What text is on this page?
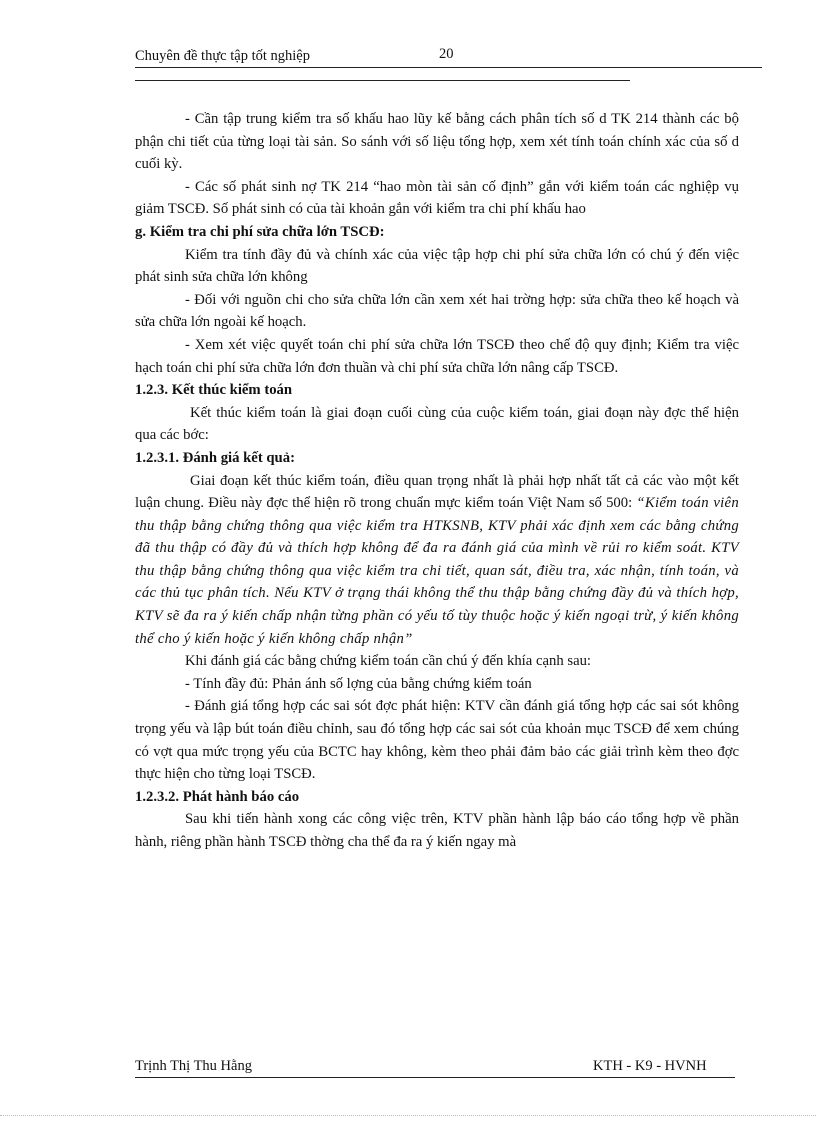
Chuyên đề thực tập tốt nghiệp	20

- Cần tập trung kiểm tra số khấu hao lũy kế bằng cách phân tích số d TK 214 thành các bộ phận chi tiết của từng loại tài sản. So sánh với số liệu tổng hợp, xem xét tính toán chính xác của số d cuối kỳ.

- Các số phát sinh nợ TK 214 “hao mòn tài sản cố định” gắn với kiểm toán các nghiệp vụ giảm TSCĐ. Số phát sinh có của tài khoản gắn với kiểm tra chi phí khấu hao

g. Kiểm tra chi phí sửa chữa lớn TSCĐ:

Kiểm tra tính đầy đủ và chính xác của việc tập hợp chi phí sửa chữa lớn có chú ý đến việc phát sinh sửa chữa lớn không

- Đối với nguồn chi cho sửa chữa lớn cần xem xét hai trờng hợp: sửa chữa theo kế hoạch và sửa chữa lớn ngoài kế hoạch.

- Xem xét việc quyết toán chi phí sửa chữa lớn TSCĐ theo chế độ quy định; Kiểm tra việc hạch toán chi phí sửa chữa lớn đơn thuần và chi phí sửa chữa lớn nâng cấp TSCĐ.

1.2.3. Kết thúc kiểm toán

Kết thúc kiểm toán là giai đoạn cuối cùng của cuộc kiểm toán, giai đoạn này đợc thể hiện qua các bớc:

1.2.3.1. Đánh giá kết quả:

Giai đoạn kết thúc kiểm toán, điều quan trọng nhất là phải hợp nhất tất cả các vào một kết luận chung. Điều này đợc thể hiện rõ trong chuẩn mực kiểm toán Việt Nam số 500: “Kiểm toán viên thu thập bằng chứng thông qua việc kiểm tra HTKSNB, KTV phải xác định xem các bằng chứng đã thu thập có đầy đủ và thích hợp không để đa ra đánh giá của mình về rủi ro kiểm soát. KTV thu thập bằng chứng thông qua việc kiểm tra chi tiết, quan sát, điều tra, xác nhận, tính toán, và các thủ tục phân tích. Nếu KTV ở trạng thái không thể thu thập bằng chứng đầy đủ và thích hợp, KTV sẽ đa ra ý kiến chấp nhận từng phần có yếu tố tùy thuộc hoặc ý kiến ngoại trừ, ý kiến không thể cho ý kiến hoặc ý kiến không chấp nhận”

Khi đánh giá các bằng chứng kiểm toán cần chú ý đến khía cạnh sau:

- Tính đầy đủ: Phản ánh số lợng của bằng chứng kiểm toán

- Đánh giá tổng hợp các sai sót đợc phát hiện: KTV cần đánh giá tổng hợp các sai sót không trọng yếu và lập bút toán điều chỉnh, sau đó tổng hợp các sai sót của khoản mục TSCĐ để xem chúng có vợt qua mức trọng yếu của BCTC hay không, kèm theo phải đảm bảo các giải trình kèm theo đợc thực hiện cho từng loại TSCĐ.

1.2.3.2. Phát hành báo cáo

Sau khi tiến hành xong các công việc trên, KTV phần hành lập báo cáo tổng hợp về phần hành, riêng phần hành TSCĐ thờng cha thể đa ra ý kiến ngay mà

Trịnh Thị Thu Hằng	KTH - K9 - HVNH
